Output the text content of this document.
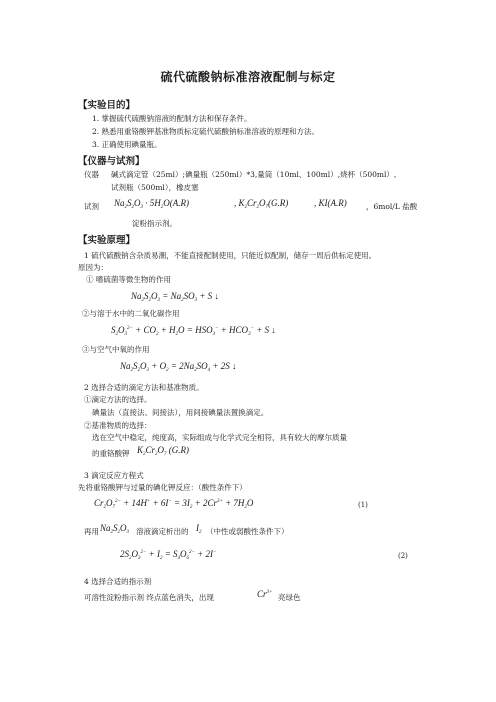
硫代硫酸钠标准溶液配制与标定
【实验目的】
1. 掌握硫代硫酸钠溶液的配制方法和保存条件。
2. 熟悉用重铬酸钾基准物质标定硫代硫酸钠标准溶液的原理和方法。
3. 正确使用碘量瓶。
【仪器与试剂】
仪器 碱式滴定管（25ml）;碘量瓶（250ml）*3,量筒（10ml、100ml）,烧杯（500ml）,
试剂瓶（500ml），橡皮塞
试剂 $Na_2S_2O_3 \cdot 5H_2O(A.R)$	, $K_2Cr_2O_7(G.R)$	, KI(A.R)	，6mol/L 盐酸
淀粉指示剂。
【实验原理】
1 硫代硫酸钠含杂质易潮，不能直接配制使用，只能近似配制，储存一周后供标定使用。
原因为：
① 嗜硫菌等微生物的作用
$Na_2S_2O_3 = Na_2SO_3 + S$ ↓
②与溶于水中的二氧化碳作用
$S_2O_3^{2-} + CO_2 + H_2O = HSO_3^- + HCO_3^- + S$ ↓
③与空气中氧的作用
$Na_2S_2O_3 + O_2 = 2Na_2SO_4 + 2S$ ↓
2 选择合适的滴定方法和基准物质。
①滴定方法的选择。
碘量法（直接法、间接法），用间接碘量法置换滴定。
②基准物质的选择：
选在空气中稳定，纯度高，实际组成与化学式完全相符，具有较大的摩尔质量
的重铬酸钾 $K_2Cr_2O_7$ (G.R)
3 滴定反应方程式
先将重铬酸钾与过量的碘化钾反应：（酸性条件下）
$Cr_2O_7^{2-} + 14H^+ + 6I^- = 3I_2 + 2Cr^{3+} + 7H_2O$	(1)
再用 $Na_2S_2O_3$ 溶液滴定析出的 $I_2$ （中性或弱酸性条件下）
$2S_2O_3^{2-} + I_2 = S_4O_6^{2-} + 2I^-$	(2)
4 选择合适的指示剂
可溶性淀粉指示剂 终点蓝色消失，出现	$Cr^{3+}$
亮绿色
